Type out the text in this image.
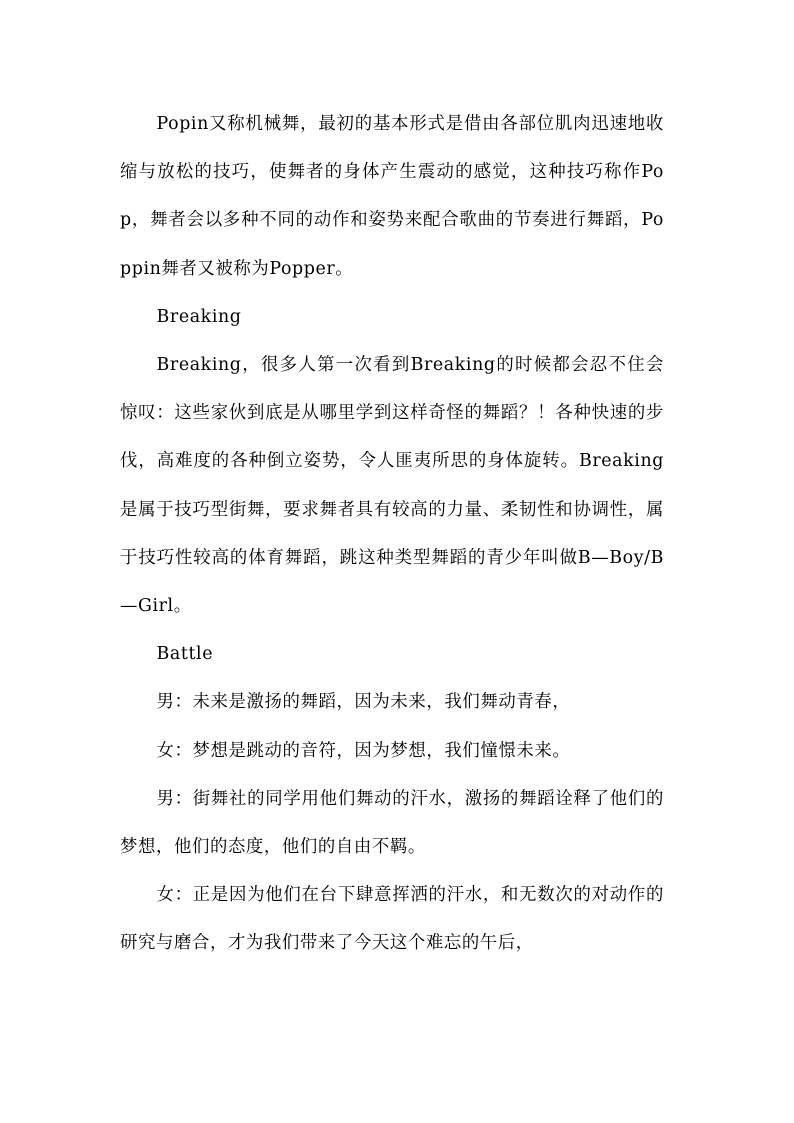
Popin又称机械舞，最初的基本形式是借由各部位肌肉迅速地收缩与放松的技巧，使舞者的身体产生震动的感觉，这种技巧称作Pop，舞者会以多种不同的动作和姿势来配合歌曲的节奏进行舞蹈，Poppin舞者又被称为Popper。

Breaking

Breaking，很多人第一次看到Breaking的时候都会忍不住会惊叹：这些家伙到底是从哪里学到这样奇怪的舞蹈？！各种快速的步伐，高难度的各种倒立姿势，令人匪夷所思的身体旋转。Breaking是属于技巧型街舞，要求舞者具有较高的力量、柔韧性和协调性，属于技巧性较高的体育舞蹈，跳这种类型舞蹈的青少年叫做B—Boy/B—Girl。

Battle

男：未来是激扬的舞蹈，因为未来，我们舞动青春，

女：梦想是跳动的音符，因为梦想，我们憧憬未来。

男：街舞社的同学用他们舞动的汗水，激扬的舞蹈诠释了他们的梦想，他们的态度，他们的自由不羁。

女：正是因为他们在台下肆意挥洒的汗水，和无数次的对动作的研究与磨合，才为我们带来了今天这个难忘的午后，
